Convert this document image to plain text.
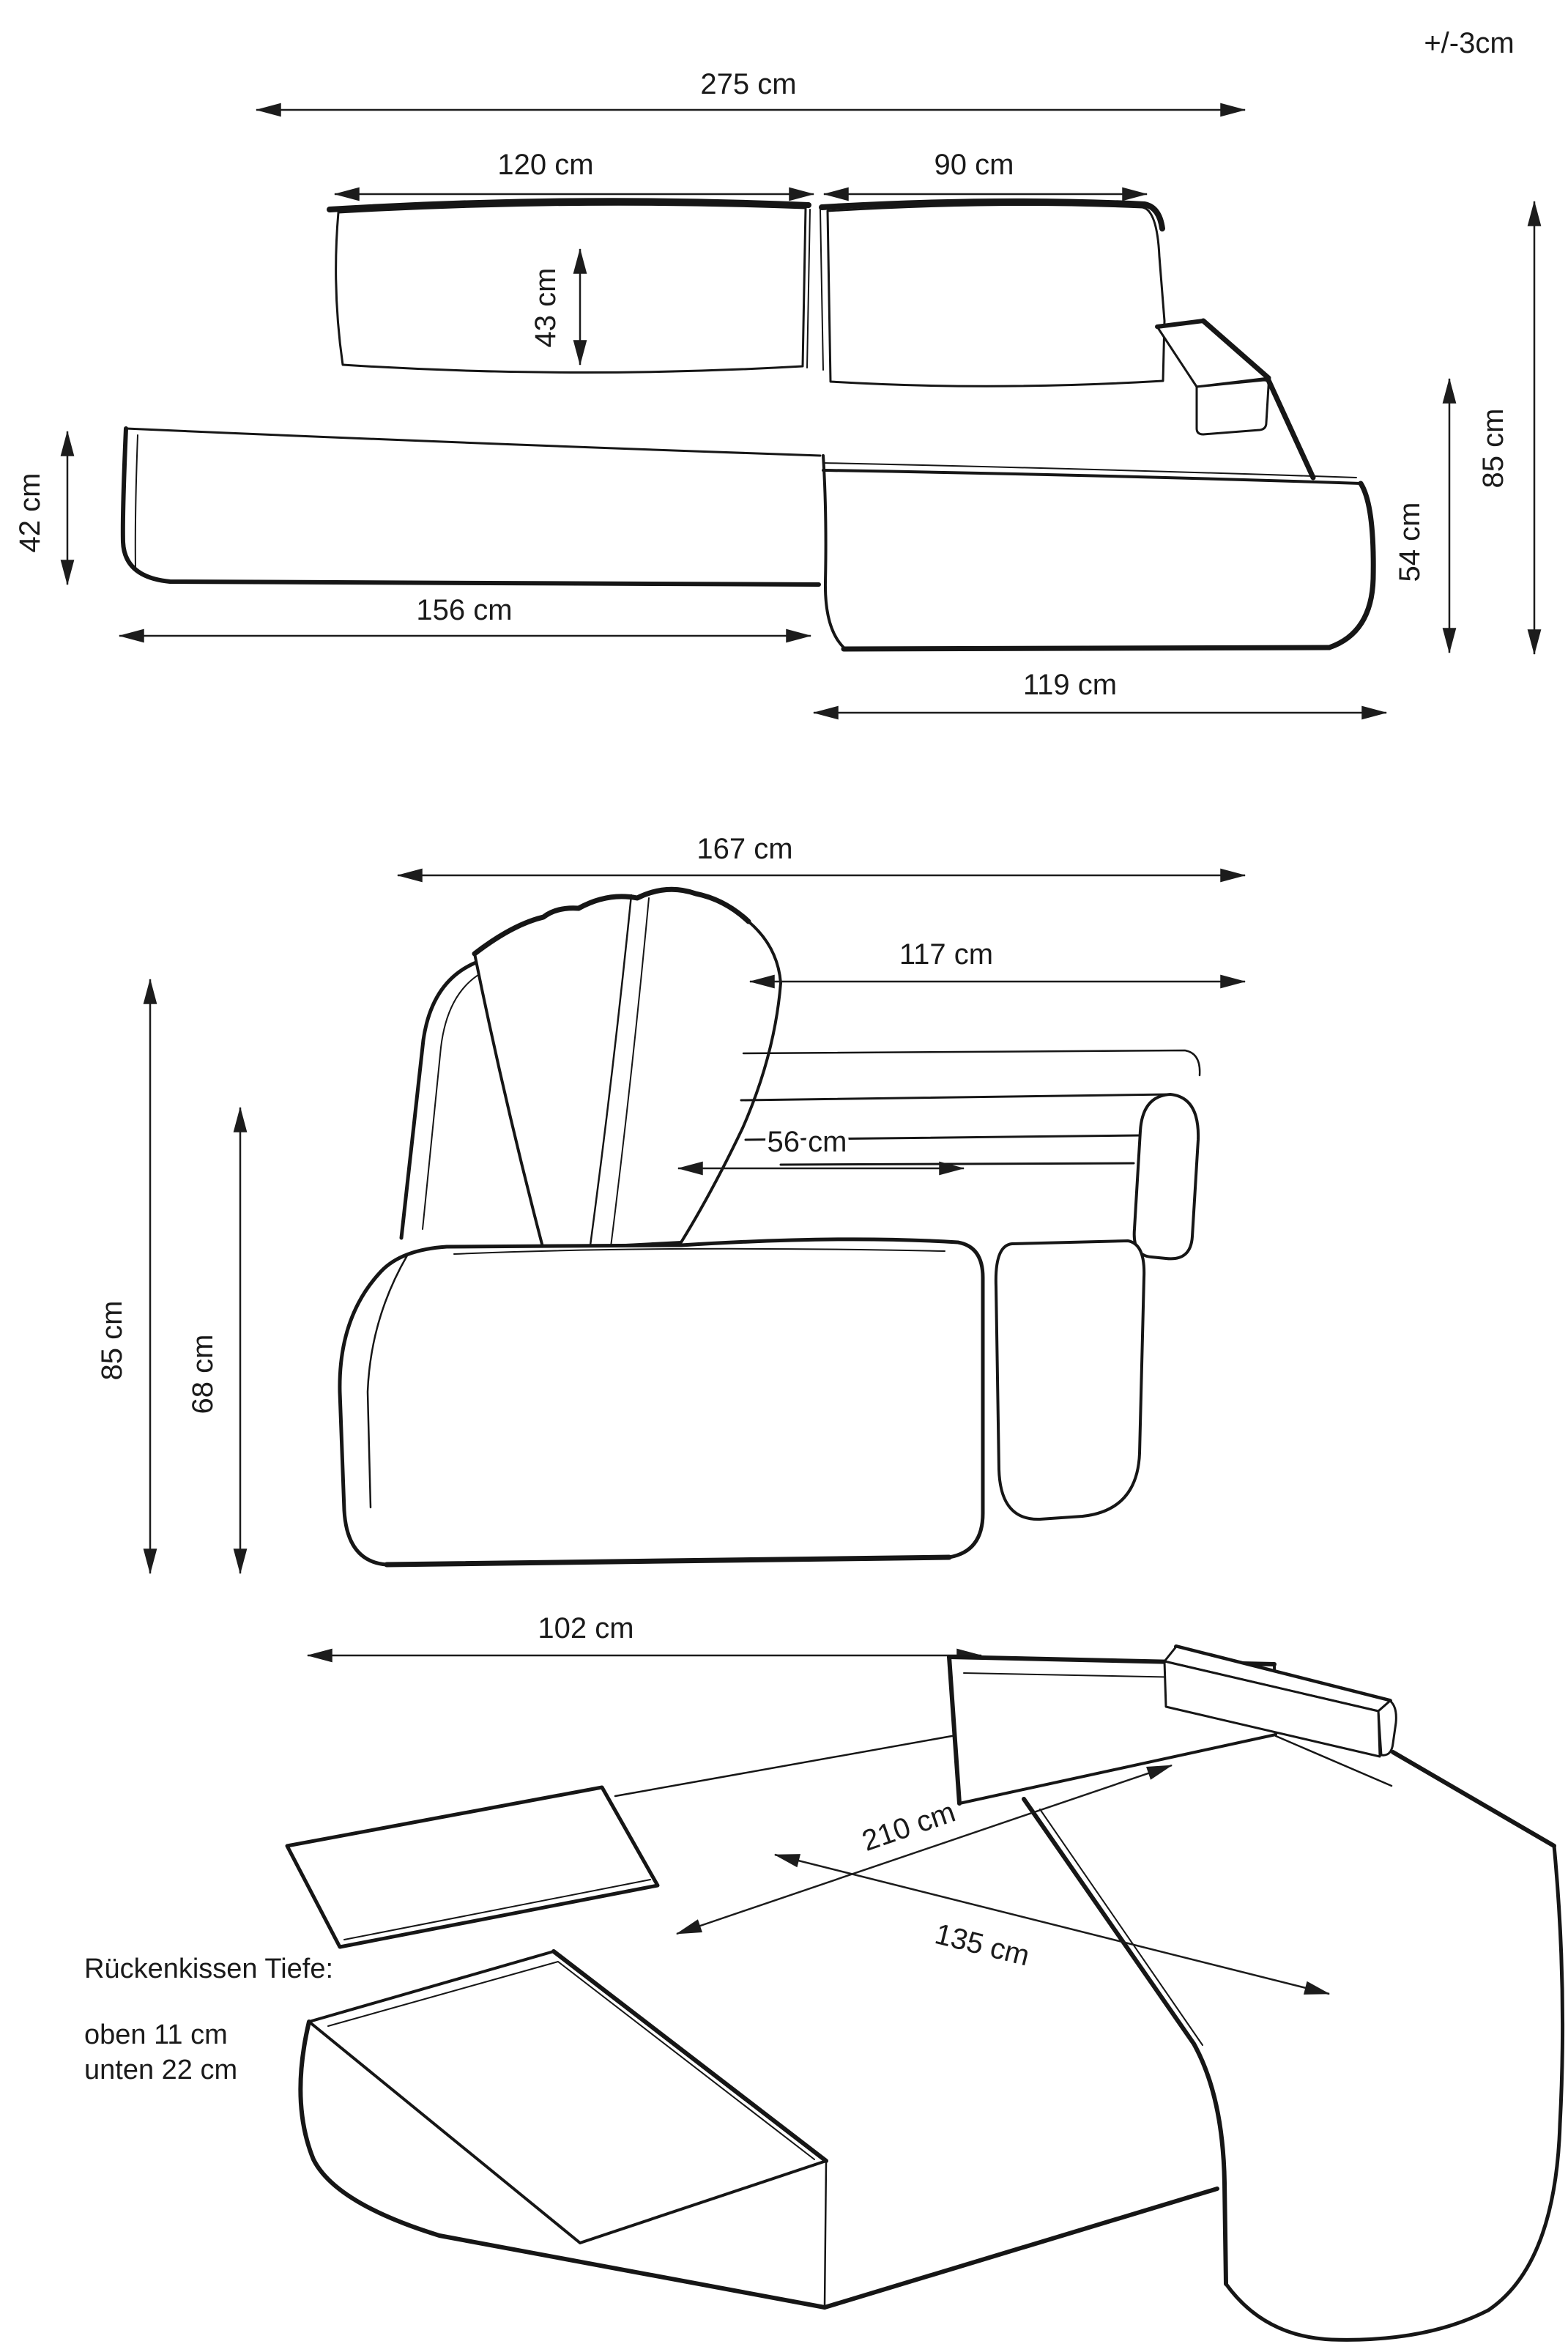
+/-3cm
275 cm
120 cm	90 cm
43 cm
42 cm
156 cm
119 cm
54 cm
85 cm
167 cm
117 cm
56 cm
85 cm 68 cm
102 cm
210 cm
135 cm
Rückenkissen Tiefe:
oben 11 cm
unten 22 cm
